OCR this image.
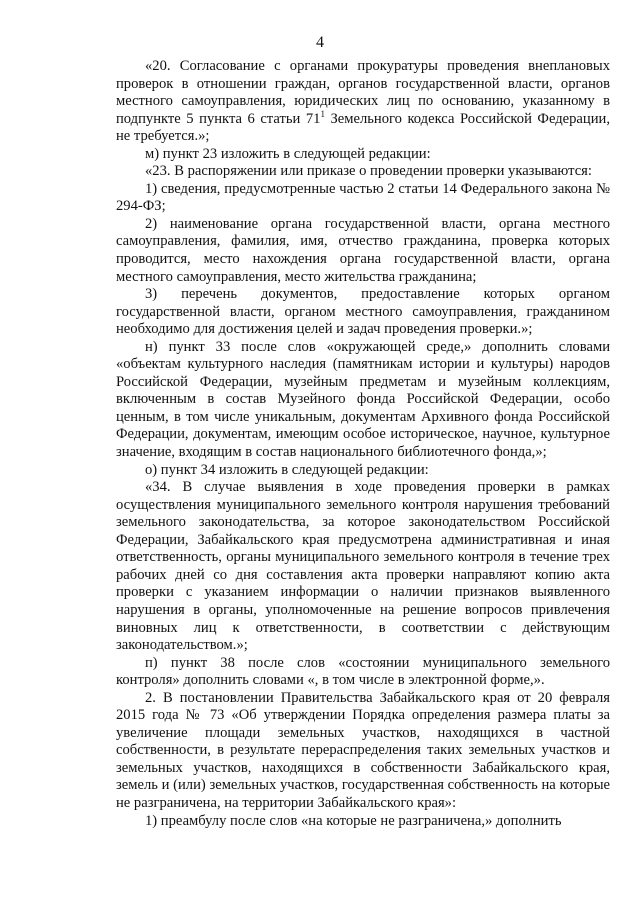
4

«20. Согласование с органами прокуратуры проведения внеплановых проверок в отношении граждан, органов государственной власти, органов местного самоуправления, юридических лиц по основанию, указанному в подпункте 5 пункта 6 статьи $71^1$ Земельного кодекса Российской Федерации, не требуется.»;

м) пункт 23 изложить в следующей редакции:

«23. В распоряжении или приказе о проведении проверки указываются:

1) сведения, предусмотренные частью 2 статьи 14 Федерального закона № 294-ФЗ;

2) наименование органа государственной власти, органа местного самоуправления, фамилия, имя, отчество гражданина, проверка которых проводится, место нахождения органа государственной власти, органа местного самоуправления, место жительства гражданина;

3) перечень документов, предоставление которых органом государственной власти, органом местного самоуправления, гражданином необходимо для достижения целей и задач проведения проверки.»;

н) пункт 33 после слов «окружающей среде,» дополнить словами «объектам культурного наследия (памятникам истории и культуры) народов Российской Федерации, музейным предметам и музейным коллекциям, включенным в состав Музейного фонда Российской Федерации, особо ценным, в том числе уникальным, документам Архивного фонда Российской Федерации, документам, имеющим особое историческое, научное, культурное значение, входящим в состав национального библиотечного фонда,»;

о) пункт 34 изложить в следующей редакции:

«34. В случае выявления в ходе проведения проверки в рамках осуществления муниципального земельного контроля нарушения требований земельного законодательства, за которое законодательством Российской Федерации, Забайкальского края предусмотрена административная и иная ответственность, органы муниципального земельного контроля в течение трех рабочих дней со дня составления акта проверки направляют копию акта проверки с указанием информации о наличии признаков выявленного нарушения в органы, уполномоченные на решение вопросов привлечения виновных лиц к ответственности, в соответствии с действующим законодательством.»;

п) пункт 38 после слов «состоянии муниципального земельного контроля» дополнить словами «, в том числе в электронной форме,».

2. В постановлении Правительства Забайкальского края от 20 февраля 2015 года № 73 «Об утверждении Порядка определения размера платы за увеличение площади земельных участков, находящихся в частной собственности, в результате перераспределения таких земельных участков и земельных участков, находящихся в собственности Забайкальского края, земель и (или) земельных участков, государственная собственность на которые не разграничена, на территории Забайкальского края»:

1) преамбулу после слов «на которые не разграничена,» дополнить
